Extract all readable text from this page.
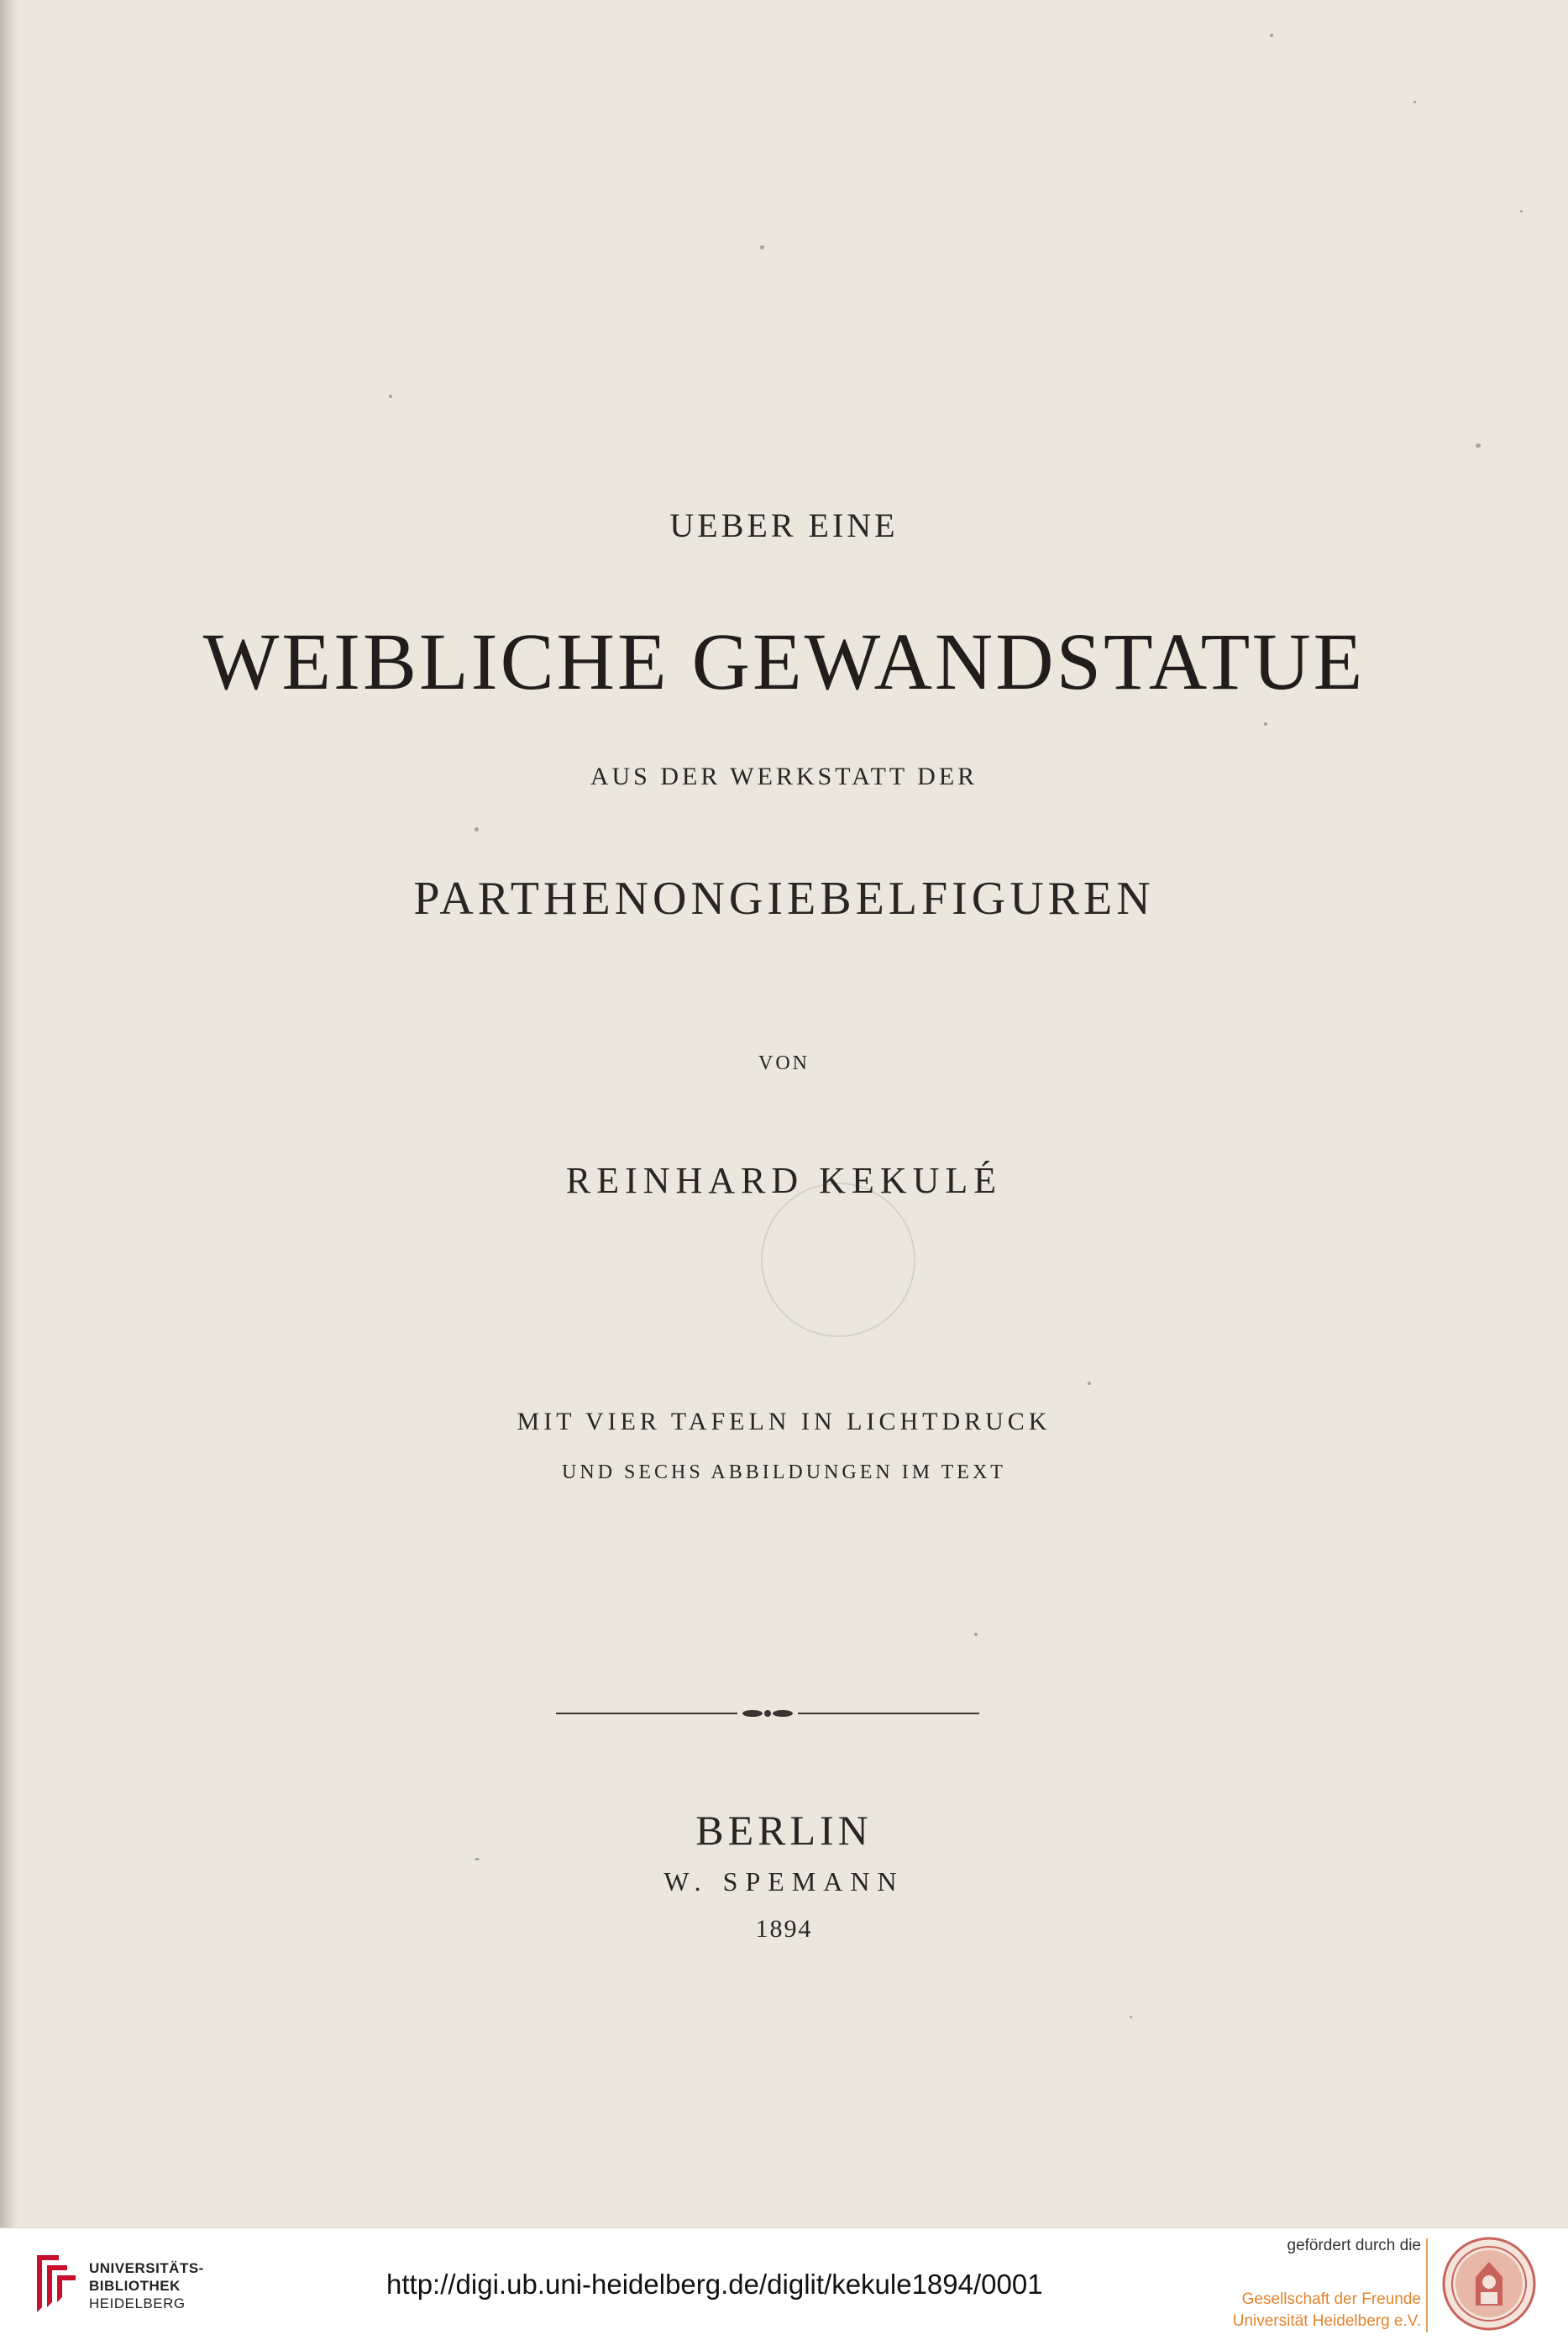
UEBER EINE
WEIBLICHE GEWANDSTATUE
AUS DER WERKSTATT DER
PARTHENONGIEBELFIGUREN
VON
REINHARD KEKULÉ
MIT VIER TAFELN IN LICHTDRUCK
UND SECHS ABBILDUNGEN IM TEXT
BERLIN
W. SPEMANN
1894
UNIVERSITÄTS-
BIBLIOTHEK
HEIDELBERG
http://digi.ub.uni-heidelberg.de/diglit/kekule1894/0001
gefördert durch die
Gesellschaft der Freunde
Universität Heidelberg e.V.
